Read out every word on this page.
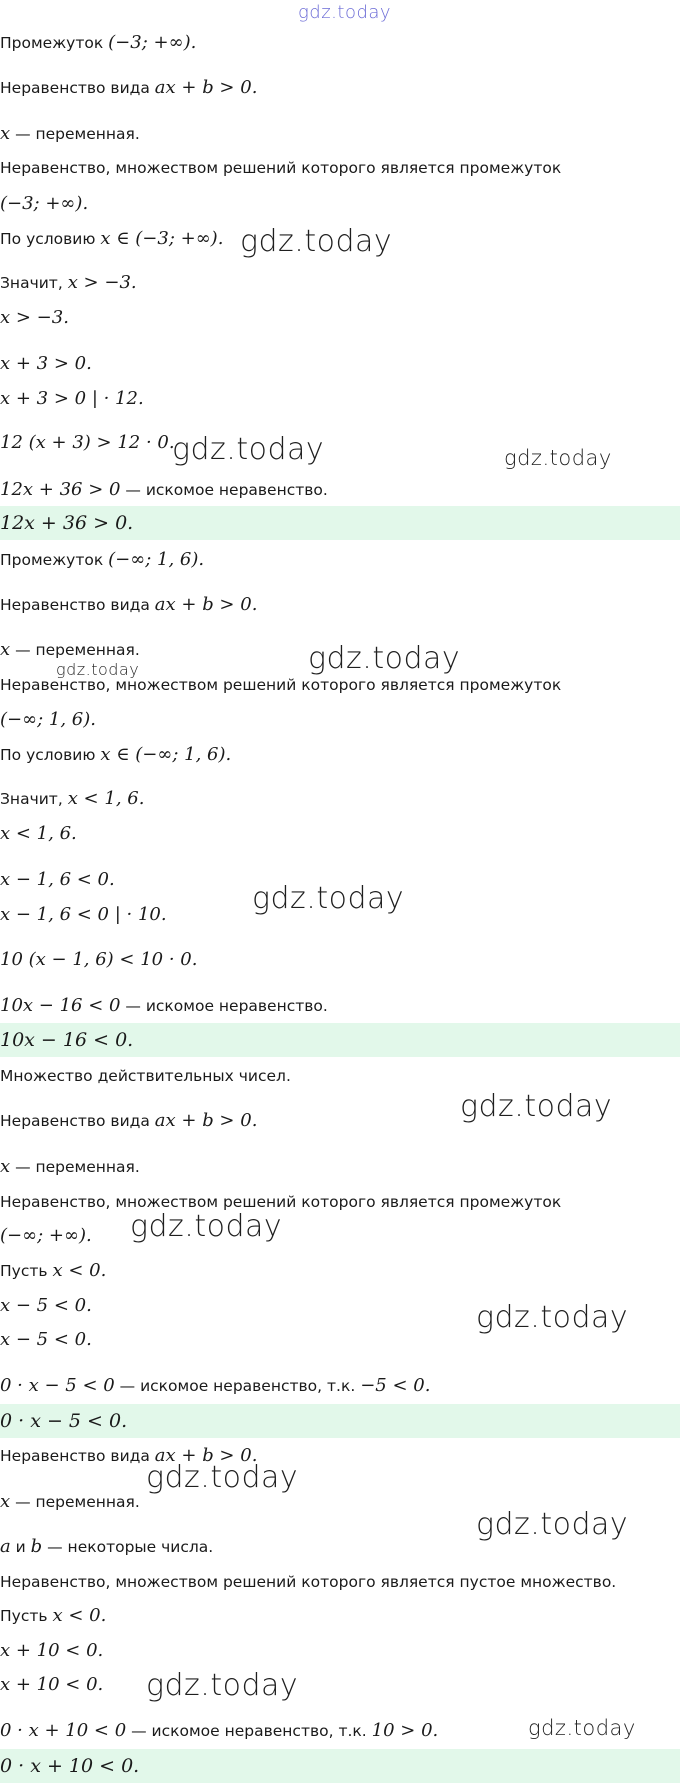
gdz.today
Промежуток (−3; +∞).
Неравенство вида ax + b > 0.
x — переменная.
Неравенство, множеством решений которого является промежуток
(−3; +∞).
По условию x ∈ (−3; +∞).
Значит, x > −3.
x > −3.
x + 3 > 0.
x + 3 > 0 | · 12.
12 (x + 3) > 12 · 0.
12x + 36 > 0 — искомое неравенство.
12x + 36 > 0.
Промежуток (−∞; 1, 6).
Неравенство вида ax + b > 0.
x — переменная.
Неравенство, множеством решений которого является промежуток
(−∞; 1, 6).
По условию x ∈ (−∞; 1, 6).
Значит, x < 1, 6.
x < 1, 6.
x − 1, 6 < 0.
x − 1, 6 < 0 | · 10.
10 (x − 1, 6) < 10 · 0.
10x − 16 < 0 — искомое неравенство.
10x − 16 < 0.
Множество действительных чисел.
Неравенство вида ax + b > 0.
x — переменная.
Неравенство, множеством решений которого является промежуток
(−∞; +∞).
Пусть x < 0.
x − 5 < 0.
x − 5 < 0.
0 · x − 5 < 0 — искомое неравенство, т.к. −5 < 0.
0 · x − 5 < 0.
Неравенство вида ax + b > 0.
x — переменная.
a и b — некоторые числа.
Неравенство, множеством решений которого является пустое множество.
Пусть x < 0.
x + 10 < 0.
x + 10 < 0.
0 · x + 10 < 0 — искомое неравенство, т.к. 10 > 0.
0 · x + 10 < 0.
gdz.today
gdz.today	gdz.today
gdz.today	gdz.today
gdz.today
gdz.today
gdz.today
gdz.today
gdz.today
gdz.today
gdz.today
gdz.today
